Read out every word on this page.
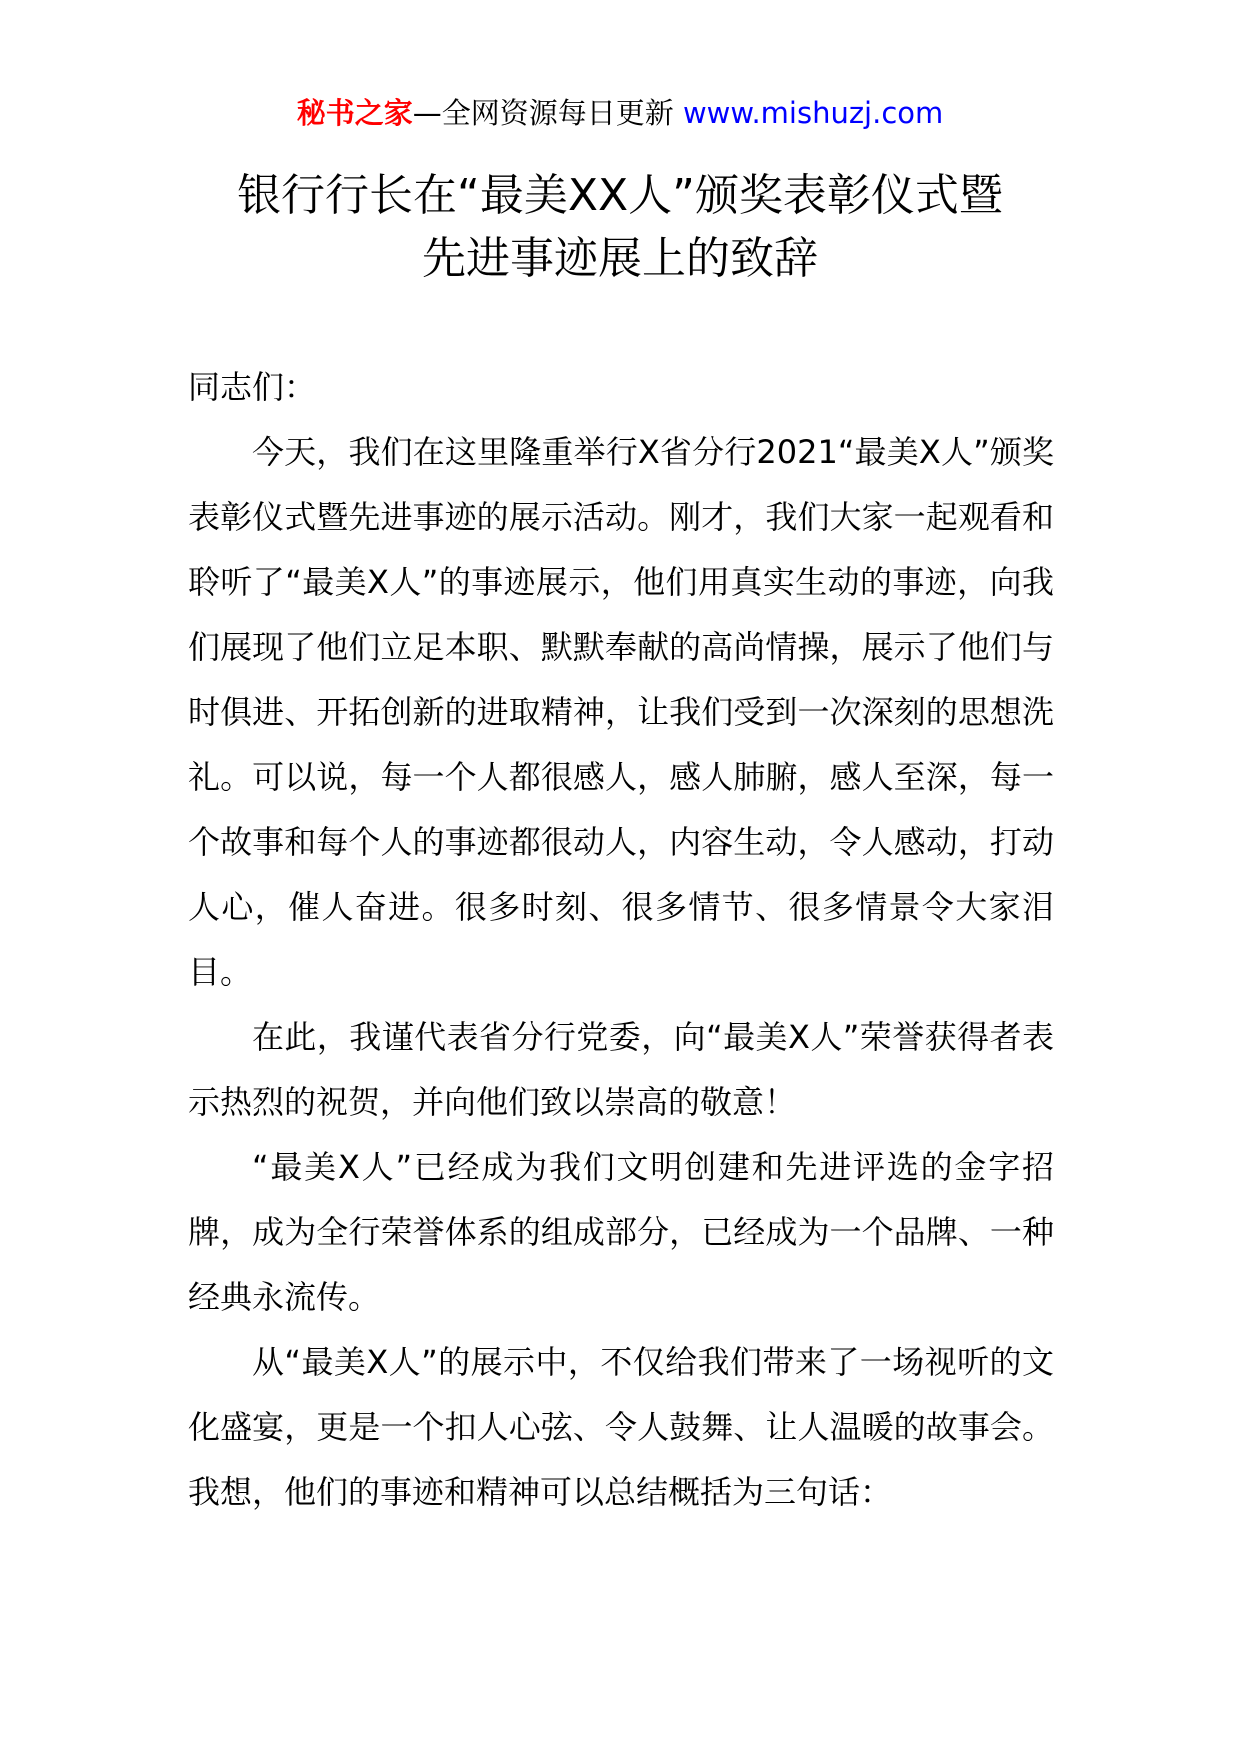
秘书之家—全网资源每日更新 www.mishuzj.com
银行行长在“最美XX人”颁奖表彰仪式暨
先进事迹展上的致辞

同志们：

今天，我们在这里隆重举行X省分行2021“最美X人”颁奖表彰仪式暨先进事迹的展示活动。刚才，我们大家一起观看和聆听了“最美X人”的事迹展示，他们用真实生动的事迹，向我们展现了他们立足本职、默默奉献的高尚情操，展示了他们与时俱进、开拓创新的进取精神，让我们受到一次深刻的思想洗礼。可以说，每一个人都很感人，感人肺腑，感人至深，每一个故事和每个人的事迹都很动人，内容生动，令人感动，打动人心，催人奋进。很多时刻、很多情节、很多情景令大家泪目。

在此，我谨代表省分行党委，向“最美X人”荣誉获得者表示热烈的祝贺，并向他们致以崇高的敬意！

“最美X人”已经成为我们文明创建和先进评选的金字招牌，成为全行荣誉体系的组成部分，已经成为一个品牌、一种经典永流传。

从“最美X人”的展示中，不仅给我们带来了一场视听的文化盛宴，更是一个扣人心弦、令人鼓舞、让人温暖的故事会。我想，他们的事迹和精神可以总结概括为三句话：
